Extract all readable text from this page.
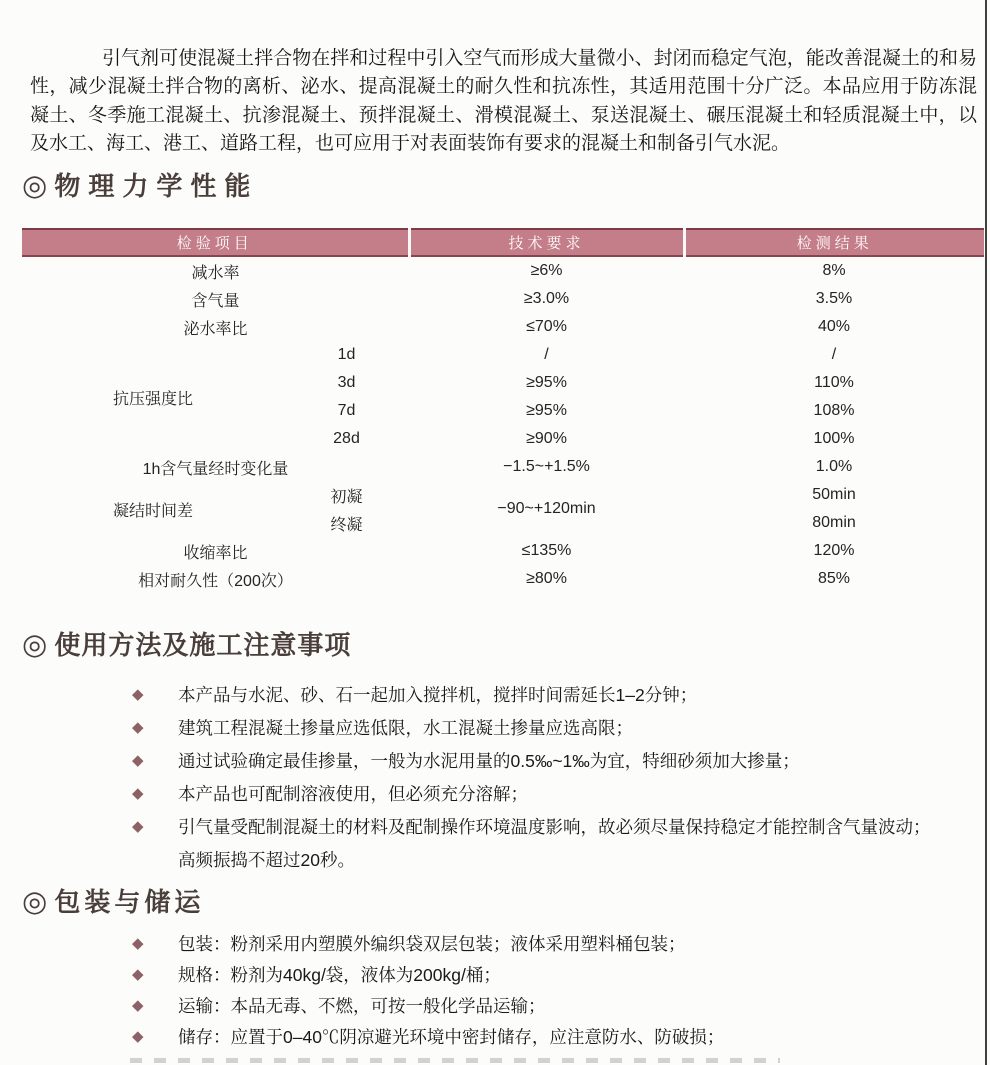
引气剂可使混凝土拌合物在拌和过程中引入空气而形成大量微小、封闭而稳定气泡，能改善混凝土的和易性，减少混凝土拌合物的离析、泌水、提高混凝土的耐久性和抗冻性，其适用范围十分广泛。本品应用于防冻混凝土、冬季施工混凝土、抗渗混凝土、预拌混凝土、滑模混凝土、泵送混凝土、碾压混凝土和轻质混凝土中，以及水工、海工、港工、道路工程，也可应用于对表面装饰有要求的混凝土和制备引气水泥。

◎ 物理力学性能
检验项目		技术要求	检测结果
减水率		≥6%	8%
含气量		≥3.0%	3.5%
泌水率比		≤70%	40%
抗压强度比	1d	/	/
	3d	≥95%	110%
	7d	≥95%	108%
	28d	≥90%	100%
1h含气量经时变化量		−1.5~+1.5%	1.0%
凝结时间差	初凝	−90~+120min	50min
	终凝		80min
收缩率比		≤135%	120%
相对耐久性（200次）		≥80%	85%
◎ 使用方法及施工注意事项
◆ 本产品与水泥、砂、石一起加入搅拌机，搅拌时间需延长1–2分钟；
◆ 建筑工程混凝土掺量应选低限，水工混凝土掺量应选高限；
◆ 通过试验确定最佳掺量，一般为水泥用量的0.5‰~1‰为宜，特细砂须加大掺量；
◆ 本产品也可配制溶液使用，但必须充分溶解；
◆ 引气量受配制混凝土的材料及配制操作环境温度影响，故必须尽量保持稳定才能控制含气量波动；
高频振捣不超过20秒。
◎ 包装与储运
◆ 包装：粉剂采用内塑膜外编织袋双层包装；液体采用塑料桶包装；
◆ 规格：粉剂为40kg/袋，液体为200kg/桶；
◆ 运输：本品无毒、不燃，可按一般化学品运输；
◆ 储存：应置于0–40℃阴凉避光环境中密封储存，应注意防水、防破损；
